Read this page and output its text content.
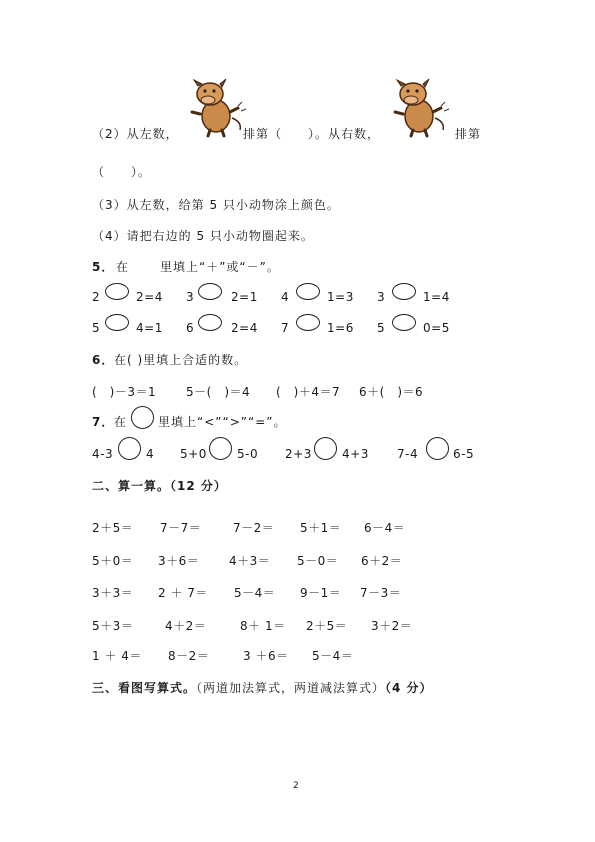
（2）从左数，	排第（　　）。从右数，	排第
（　　）。
（3）从左数，给第 5 只小动物涂上颜色。
（4）请把右边的 5 只小动物圈起来。
5． 在	里填上“＋”或“－”。
2	2=4 3	2=1 4	1=3 3	1=4
5	4=1 6	2=4 7	1=6 5	0=5
6． 在( )里填上合适的数。
(　)－3＝1 5－(　)＝4 (　)＋4＝7 6＋(　)＝6
7． 在	里填上“<”“>”“=”。
4-3	4 5+0	5-0 2+3	4+3 7-4	6-5
二、算一算。（12 分）
2＋5＝ 7－7＝	7－2＝ 5＋1＝ 6－4＝
5＋0＝ 3＋6＝ 4＋3＝ 5－0＝ 6＋2＝
3＋3＝ 2 ＋ 7＝ 5－4＝ 9－1＝ 7－3＝
5＋3＝	4＋2＝	8＋ 1＝ 2＋5＝ 3＋2＝
1 ＋ 4＝ 8－2＝	3 ＋6＝ 5－4＝
三、看图写算式。（两道加法算式，两道减法算式）（4 分）
2
